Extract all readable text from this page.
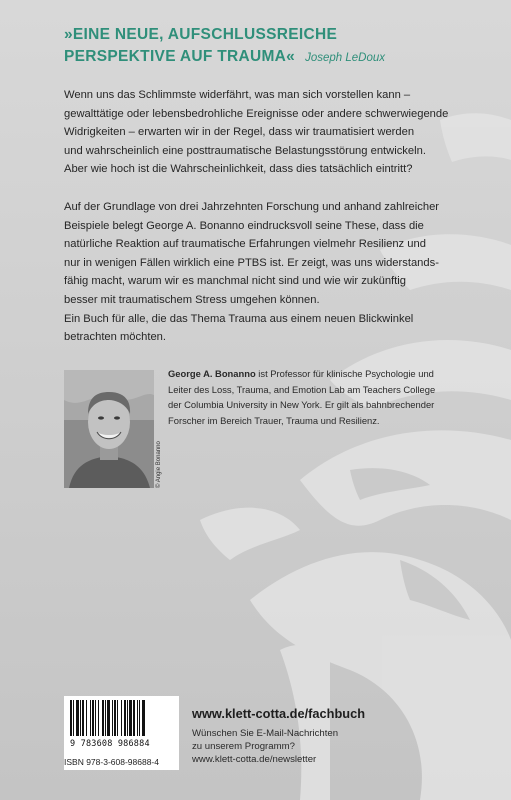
»EINE NEUE, AUFSCHLUSSREICHE
PERSPEKTIVE AUF TRAUMA« Joseph LeDoux

Wenn uns das Schlimmste widerfährt, was man sich vorstellen kann –
gewalttätige oder lebensbedrohliche Ereignisse oder andere schwerwiegende
Widrigkeiten – erwarten wir in der Regel, dass wir traumatisiert werden
und wahrscheinlich eine posttraumatische Belastungsstörung entwickeln.
Aber wie hoch ist die Wahrscheinlichkeit, dass dies tatsächlich eintritt?

Auf der Grundlage von drei Jahrzehnten Forschung und anhand zahlreicher
Beispiele belegt George A. Bonanno eindrucksvoll seine These, dass die
natürliche Reaktion auf traumatische Erfahrungen vielmehr Resilienz und
nur in wenigen Fällen wirklich eine PTBS ist. Er zeigt, was uns widerstands-
fähig macht, warum wir es manchmal nicht sind und wie wir zukünftig
besser mit traumatischem Stress umgehen können.
Ein Buch für alle, die das Thema Trauma aus einem neuen Blickwinkel
betrachten möchten.

© Angie Bonanno

George A. Bonanno ist Professor für klinische Psychologie und
Leiter des Loss, Trauma, and Emotion Lab am Teachers College
der Columbia University in New York. Er gilt als bahnbrechender
Forscher im Bereich Trauer, Trauma und Resilienz.

9 783608 986884
ISBN 978-3-608-98688-4
www.klett-cotta.de/fachbuch

Wünschen Sie E-Mail-Nachrichten
zu unserem Programm?
www.klett-cotta.de/newsletter
